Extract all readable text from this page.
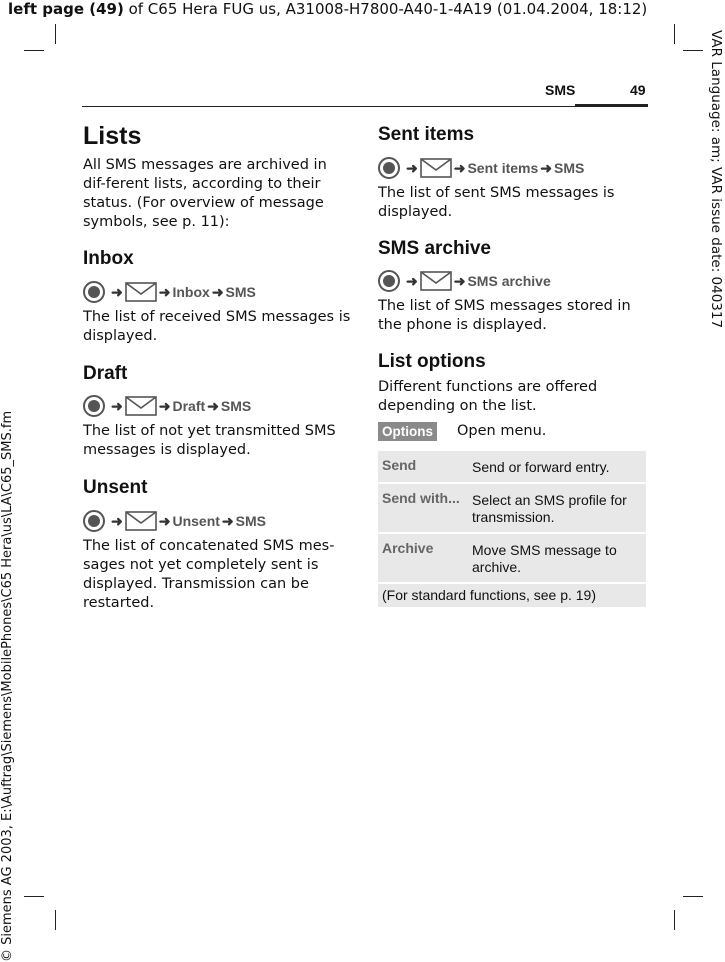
left page (49) of C65 Hera FUG us, A31008-H7800-A40-1-4A19 (01.04.2004, 18:12)
VAR Language: am; VAR issue date: 040317
© Siemens AG 2003, E:\Auftrag\Siemens\MobilePhones\C65 Hera\us\LA\C65_SMS.fm
SMS	49
Lists

All SMS messages are archived in dif-ferent lists, according to their status. (For overview of message symbols, see p. 11):

Inbox
➜	➜ Inbox ➜ SMS

The list of received SMS messages is displayed.

Draft
➜	➜ Draft ➜ SMS

The list of not yet transmitted SMS messages is displayed.

Unsent
➜	➜ Unsent ➜ SMS

The list of concatenated SMS mes-sages not yet completely sent is displayed. Transmission can be restarted.

Sent items
➜	➜ Sent items ➜ SMS

The list of sent SMS messages is displayed.

SMS archive
➜	➜ SMS archive

The list of SMS messages stored in the phone is displayed.

List options

Different functions are offered depending on the list.

Options Open menu.
Send	Send or forward entry.
Send with...	Select an SMS profile for transmission.
Archive	Move SMS message to archive.
(For standard functions, see p. 19)	
